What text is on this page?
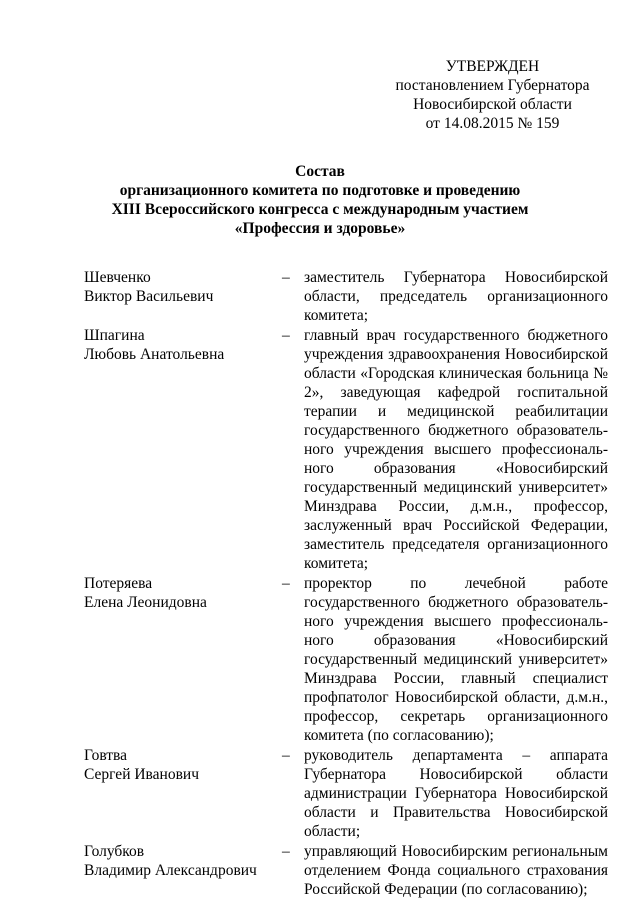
УТВЕРЖДЕН
постановлением Губернатора
Новосибирской области
от 14.08.2015 № 159
Состав
организационного комитета по подготовке и проведению
XIII Всероссийского конгресса с международным участием
«Профессия и здоровье»
Шевченко
Виктор Васильевич
– заместитель Губернатора Новосибирской области, председатель организационного комитета;
Шпагина
Любовь Анатольевна
– главный врач государственного бюджетного учреждения здравоохранения Новосибирской области «Городская клиническая больница № 2», заведующая кафедрой госпитальной терапии и медицинской реабилитации государственного бюджетного образователь-ного учреждения высшего профессиональ-ного образования «Новосибирский государственный медицинский университет» Минздрава России, д.м.н., профессор, заслуженный врач Российской Федерации, заместитель председателя организационного комитета;
Потеряева
Елена Леонидовна
– проректор по лечебной работе государственного бюджетного образователь-ного учреждения высшего профессиональ-ного образования «Новосибирский государственный медицинский университет» Минздрава России, главный специалист профпатолог Новосибирской области, д.м.н., профессор, секретарь организационного комитета (по согласованию);
Говтва
Сергей Иванович
– руководитель департамента – аппарата Губернатора Новосибирской области администрации Губернатора Новосибирской области и Правительства Новосибирской области;
Голубков
Владимир Александрович
– управляющий Новосибирским региональным отделением Фонда социального страхования Российской Федерации (по согласованию);
